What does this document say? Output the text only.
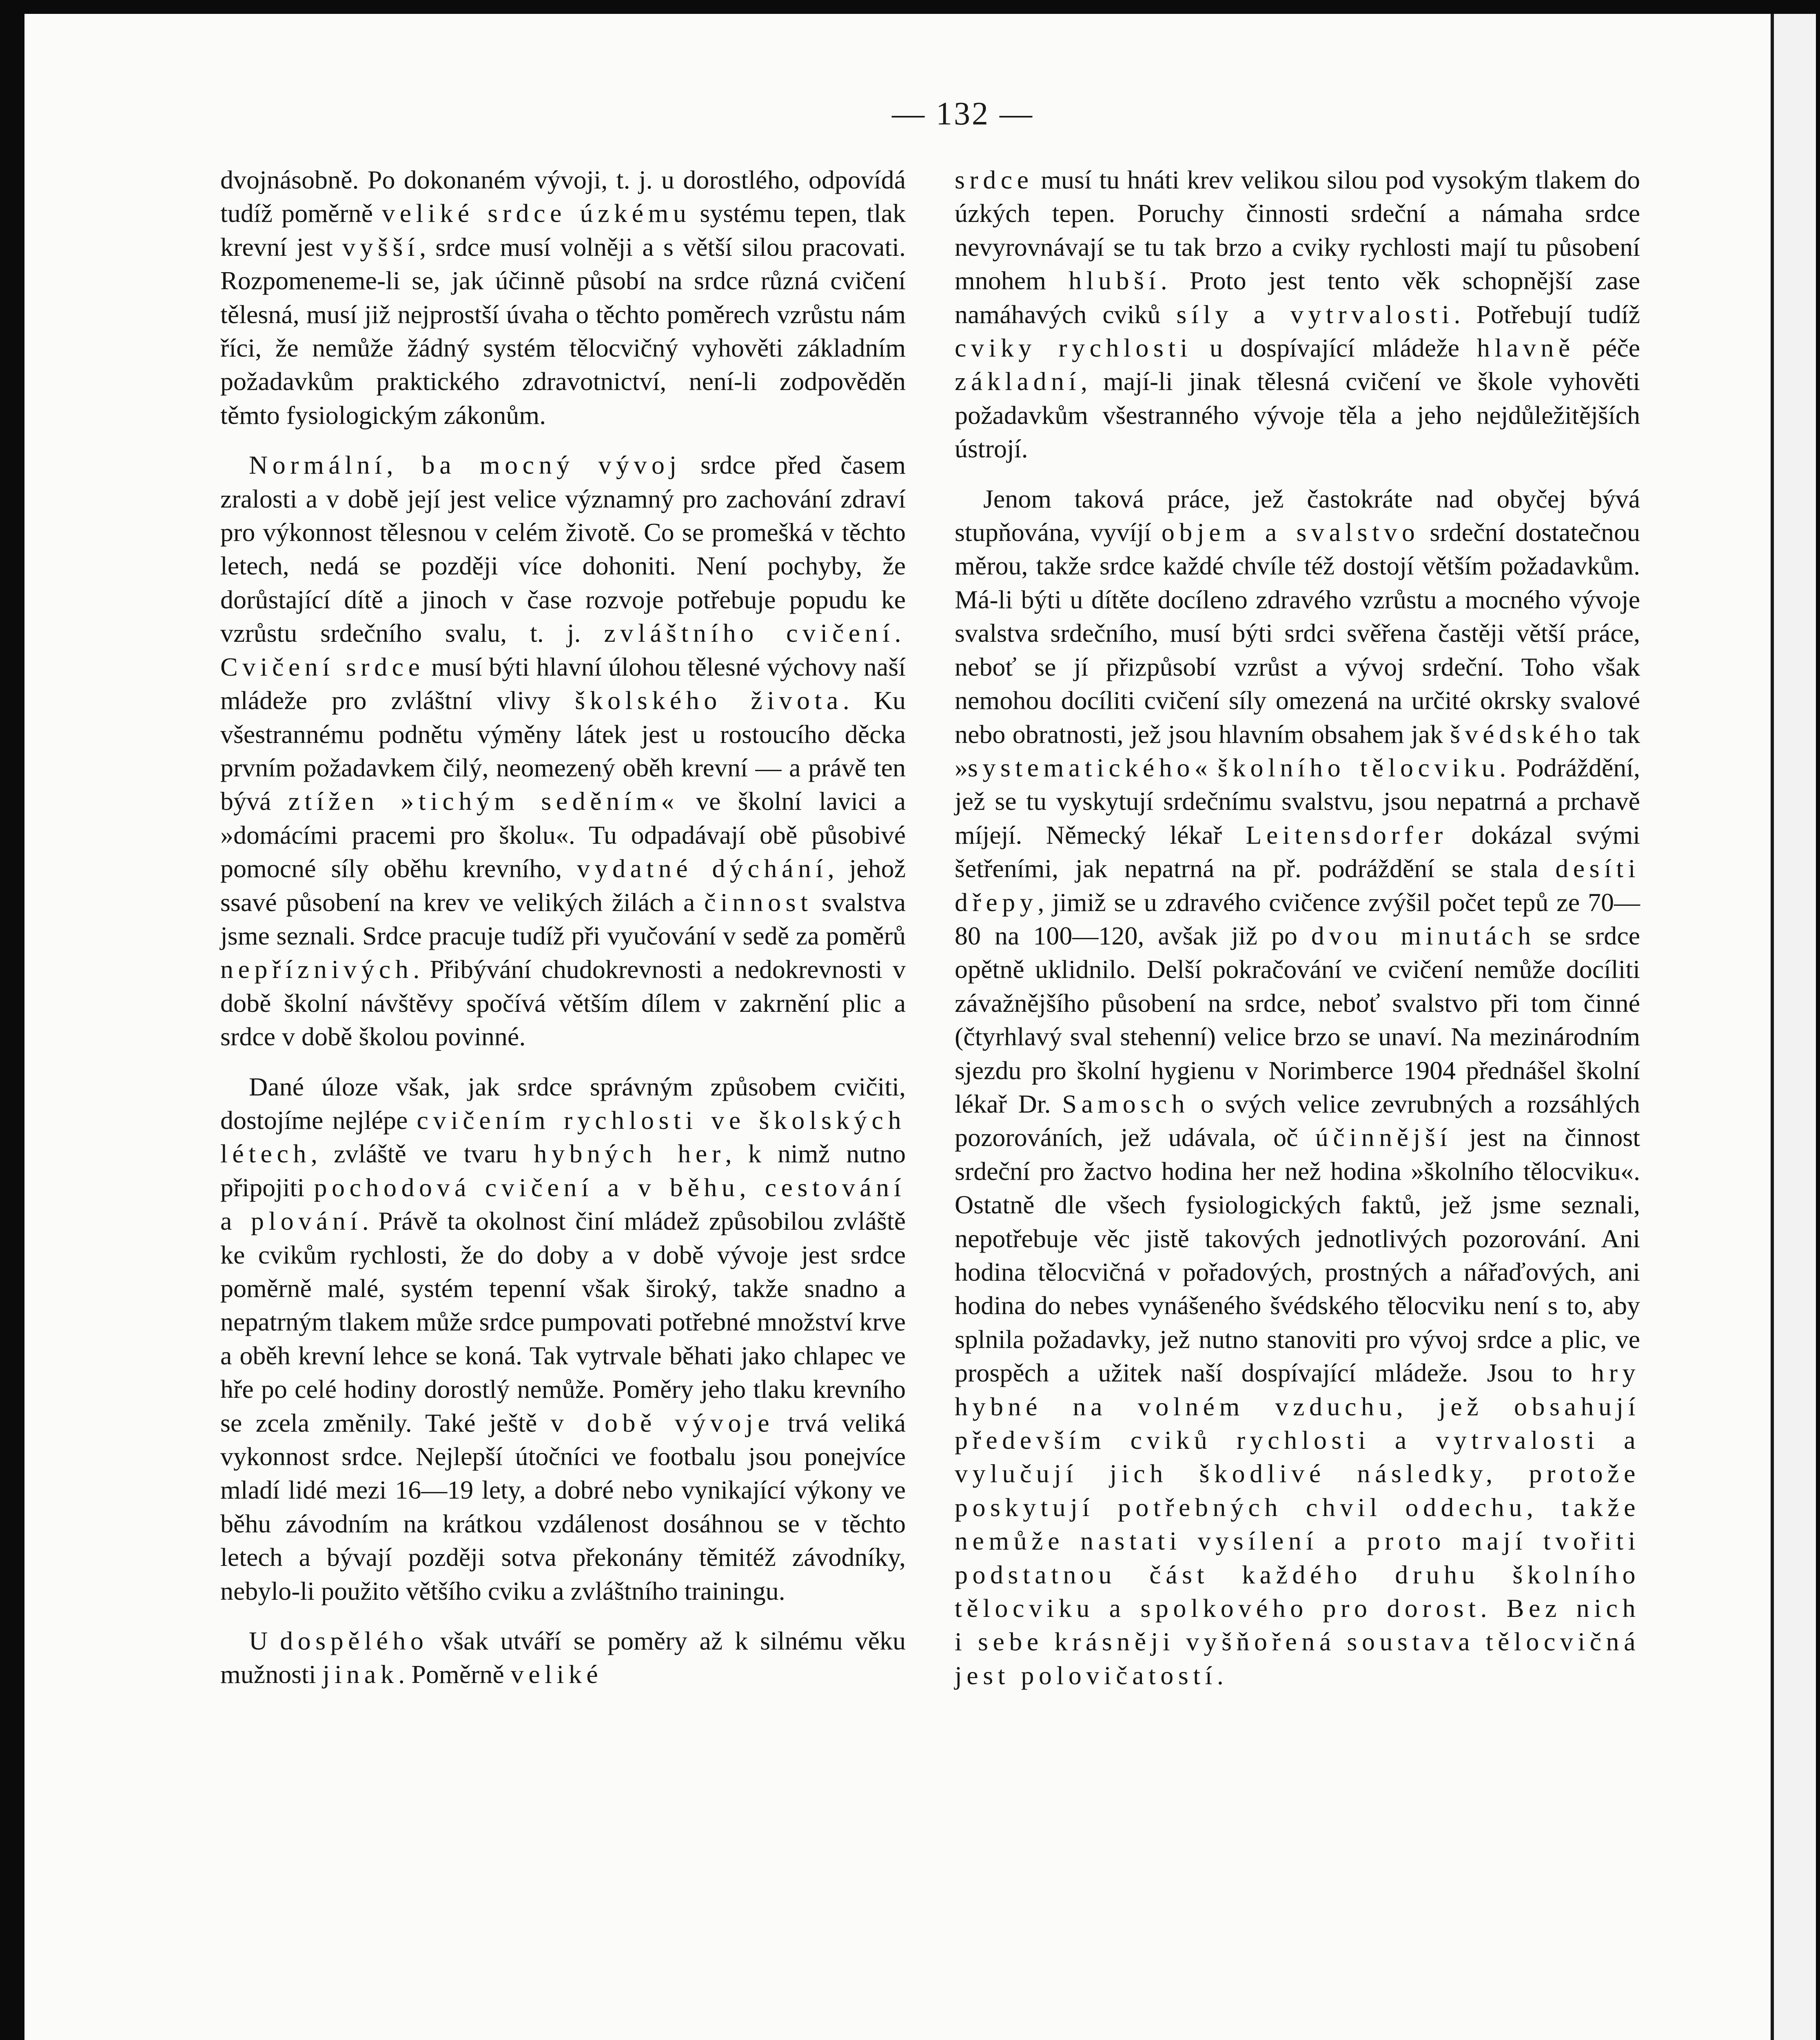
— 132 —

dvojnásobně. Po dokonaném vývoji, t. j. u dorostlého, odpovídá tudíž poměrně veliké srdce úzkému systému tepen, tlak krevní jest vyšší, srdce musí volněji a s větší silou pracovati. Rozpomeneme-li se, jak účinně působí na srdce různá cvičení tělesná, musí již nejprostší úvaha o těchto poměrech vzrůstu nám říci, že nemůže žádný systém tělocvičný vyhověti základním požadavkům praktického zdravotnictví, není-li zodpověděn těmto fysiologickým zákonům.

Normální, ba mocný vývoj srdce před časem zralosti a v době její jest velice významný pro zachování zdraví pro výkonnost tělesnou v celém životě. Co se promešká v těchto letech, nedá se později více dohoniti. Není pochyby, že dorůstající dítě a jinoch v čase rozvoje potřebuje popudu ke vzrůstu srdečního svalu, t. j. zvláštního cvičení. Cvičení srdce musí býti hlavní úlohou tělesné výchovy naší mládeže pro zvláštní vlivy školského života. Ku všestrannému podnětu výměny látek jest u rostoucího děcka prvním požadavkem čilý, neomezený oběh krevní — a právě ten bývá ztížen »tichým seděním« ve školní lavici a »domácími pracemi pro školu«. Tu odpadávají obě působivé pomocné síly oběhu krevního, vydatné dýchání, jehož ssavé působení na krev ve velikých žilách a činnost svalstva jsme seznali. Srdce pracuje tudíž při vyučování v sedě za poměrů nepříznivých. Přibývání chudokrevnosti a nedokrevnosti v době školní návštěvy spočívá větším dílem v zakrnění plic a srdce v době školou povinné.

Dané úloze však, jak srdce správným způsobem cvičiti, dostojíme nejlépe cvičením rychlosti ve školských létech, zvláště ve tvaru hybných her, k nimž nutno připojiti pochodová cvičení a v běhu, cestování a plování. Právě ta okolnost činí mládež způsobilou zvláště ke cvikům rychlosti, že do doby a v době vývoje jest srdce poměrně malé, systém tepenní však široký, takže snadno a nepatrným tlakem může srdce pumpovati potřebné množství krve a oběh krevní lehce se koná. Tak vytrvale běhati jako chlapec ve hře po celé hodiny dorostlý nemůže. Poměry jeho tlaku krevního se zcela změnily. Také ještě v době vývoje trvá veliká vykonnost srdce. Nejlepší útočníci ve footbalu jsou ponejvíce mladí lidé mezi 16—19 lety, a dobré nebo vynikající výkony ve běhu závodním na krátkou vzdálenost dosáhnou se v těchto letech a bývají později sotva překonány těmitéž závodníky, nebylo-li použito většího cviku a zvláštního trainingu.

U dospělého však utváří se poměry až k silnému věku mužnosti jinak. Poměrně veliké

srdce musí tu hnáti krev velikou silou pod vysokým tlakem do úzkých tepen. Poruchy činnosti srdeční a námaha srdce nevyrovnávají se tu tak brzo a cviky rychlosti mají tu působení mnohem hlubší. Proto jest tento věk schopnější zase namáhavých cviků síly a vytrvalosti. Potřebují tudíž cviky rychlosti u dospívající mládeže hlavně péče základní, mají-li jinak tělesná cvičení ve škole vyhověti požadavkům všestranného vývoje těla a jeho nejdůležitějších ústrojí.

Jenom taková práce, jež častokráte nad obyčej bývá stupňována, vyvíjí objem a svalstvo srdeční dostatečnou měrou, takže srdce každé chvíle též dostojí větším požadavkům. Má-li býti u dítěte docíleno zdravého vzrůstu a mocného vývoje svalstva srdečního, musí býti srdci svěřena častěji větší práce, neboť se jí přizpůsobí vzrůst a vývoj srdeční. Toho však nemohou docíliti cvičení síly omezená na určité okrsky svalové nebo obratnosti, jež jsou hlavním obsahem jak švédského tak »systematického« školního tělocviku. Podráždění, jež se tu vyskytují srdečnímu svalstvu, jsou nepatrná a prchavě míjejí. Německý lékař Leitensdorfer dokázal svými šetřeními, jak nepatrná na př. podráždění se stala desíti dřepy, jimiž se u zdravého cvičence zvýšil počet tepů ze 70—80 na 100—120, avšak již po dvou minutách se srdce opětně uklidnilo. Delší pokračování ve cvičení nemůže docíliti závažnějšího působení na srdce, neboť svalstvo při tom činné (čtyrhlavý sval stehenní) velice brzo se unaví. Na mezinárodním sjezdu pro školní hygienu v Norimberce 1904 přednášel školní lékař Dr. Samosch o svých velice zevrubných a rozsáhlých pozorováních, jež udávala, oč účinnější jest na činnost srdeční pro žactvo hodina her než hodina »školního tělocviku«. Ostatně dle všech fysiologických faktů, jež jsme seznali, nepotřebuje věc jistě takových jednotlivých pozorování. Ani hodina tělocvičná v pořadových, prostných a nářaďových, ani hodina do nebes vynášeného švédského tělocviku není s to, aby splnila požadavky, jež nutno stanoviti pro vývoj srdce a plic, ve prospěch a užitek naší dospívající mládeže. Jsou to hry hybné na volném vzduchu, jež obsahují především cviků rychlosti a vytrvalosti a vylučují jich škodlivé následky, protože poskytují potřebných chvil oddechu, takže nemůže nastati vysílení a proto mají tvořiti podstatnou část každého druhu školního tělocviku a spolkového pro dorost. Bez nich i sebe krásněji vyšňořená soustava tělocvičná jest polovičatostí.
